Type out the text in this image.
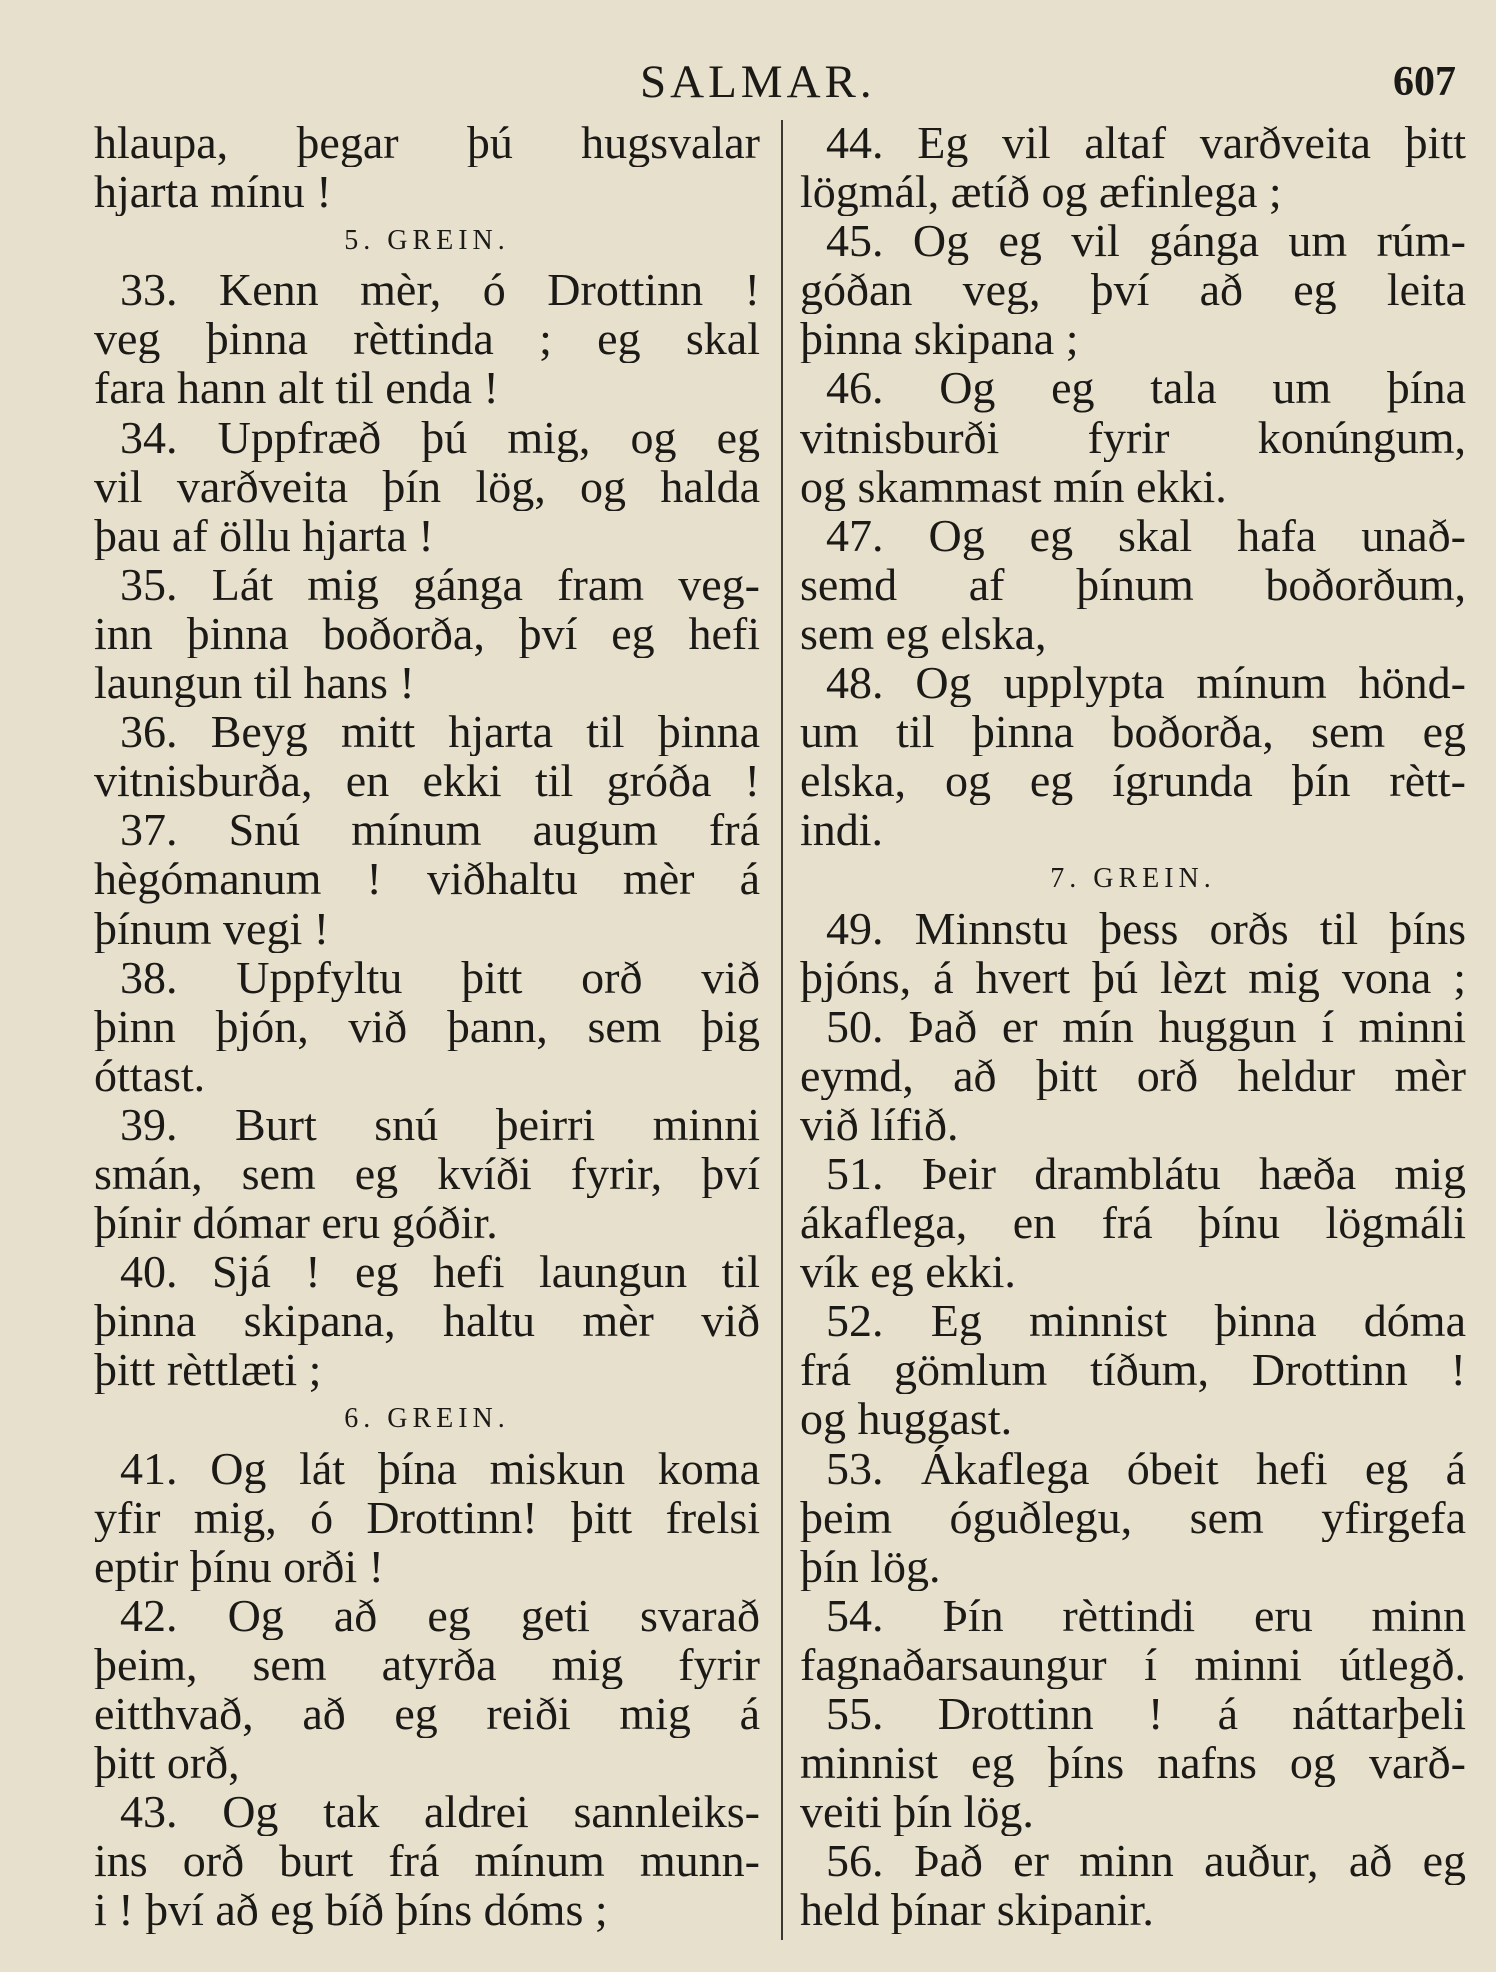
SALMAR.	607
hlaupa, þegar þú hugsvalar
hjarta mínu !
5. GREIN.
33. Kenn mèr, ó Drottinn !
veg þinna rèttinda ; eg skal
fara hann alt til enda !
34. Uppfræð þú mig, og eg
vil varðveita þín lög, og halda
þau af öllu hjarta !
35. Lát mig gánga fram veg-
inn þinna boðorða, því eg hefi
laungun til hans !
36. Beyg mitt hjarta til þinna
vitnisburða, en ekki til gróða !
37. Snú mínum augum frá
hègómanum ! viðhaltu mèr á
þínum vegi !
38. Uppfyltu þitt orð við
þinn þjón, við þann, sem þig
óttast.
39. Burt snú þeirri minni
smán, sem eg kvíði fyrir, því
þínir dómar eru góðir.
40. Sjá ! eg hefi laungun til
þinna skipana, haltu mèr við
þitt rèttlæti ;
6. GREIN.
41. Og lát þína miskun koma
yfir mig, ó Drottinn! þitt frelsi
eptir þínu orði !
42. Og að eg geti svarað
þeim, sem atyrða mig fyrir
eitthvað, að eg reiði mig á
þitt orð,
43. Og tak aldrei sannleiks-
ins orð burt frá mínum munn-
i ! því að eg bíð þíns dóms ;
44. Eg vil altaf varðveita þitt
lögmál, ætíð og æfinlega ;
45. Og eg vil gánga um rúm-
góðan veg, því að eg leita
þinna skipana ;
46. Og eg tala um þína
vitnisburði fyrir konúngum,
og skammast mín ekki.
47. Og eg skal hafa unað-
semd af þínum boðorðum,
sem eg elska,
48. Og upplypta mínum hönd-
um til þinna boðorða, sem eg
elska, og eg ígrunda þín rètt-
indi.
7. GREIN.
49. Minnstu þess orðs til þíns
þjóns, á hvert þú lèzt mig vona ;
50. Það er mín huggun í minni
eymd, að þitt orð heldur mèr
við lífið.
51. Þeir dramblátu hæða mig
ákaflega, en frá þínu lögmáli
vík eg ekki.
52. Eg minnist þinna dóma
frá gömlum tíðum, Drottinn !
og huggast.
53. Ákaflega óbeit hefi eg á
þeim óguðlegu, sem yfirgefa
þín lög.
54. Þín rèttindi eru minn
fagnaðarsaungur í minni útlegð.
55. Drottinn ! á náttarþeli
minnist eg þíns nafns og varð-
veiti þín lög.
56. Það er minn auður, að eg
held þínar skipanir.
